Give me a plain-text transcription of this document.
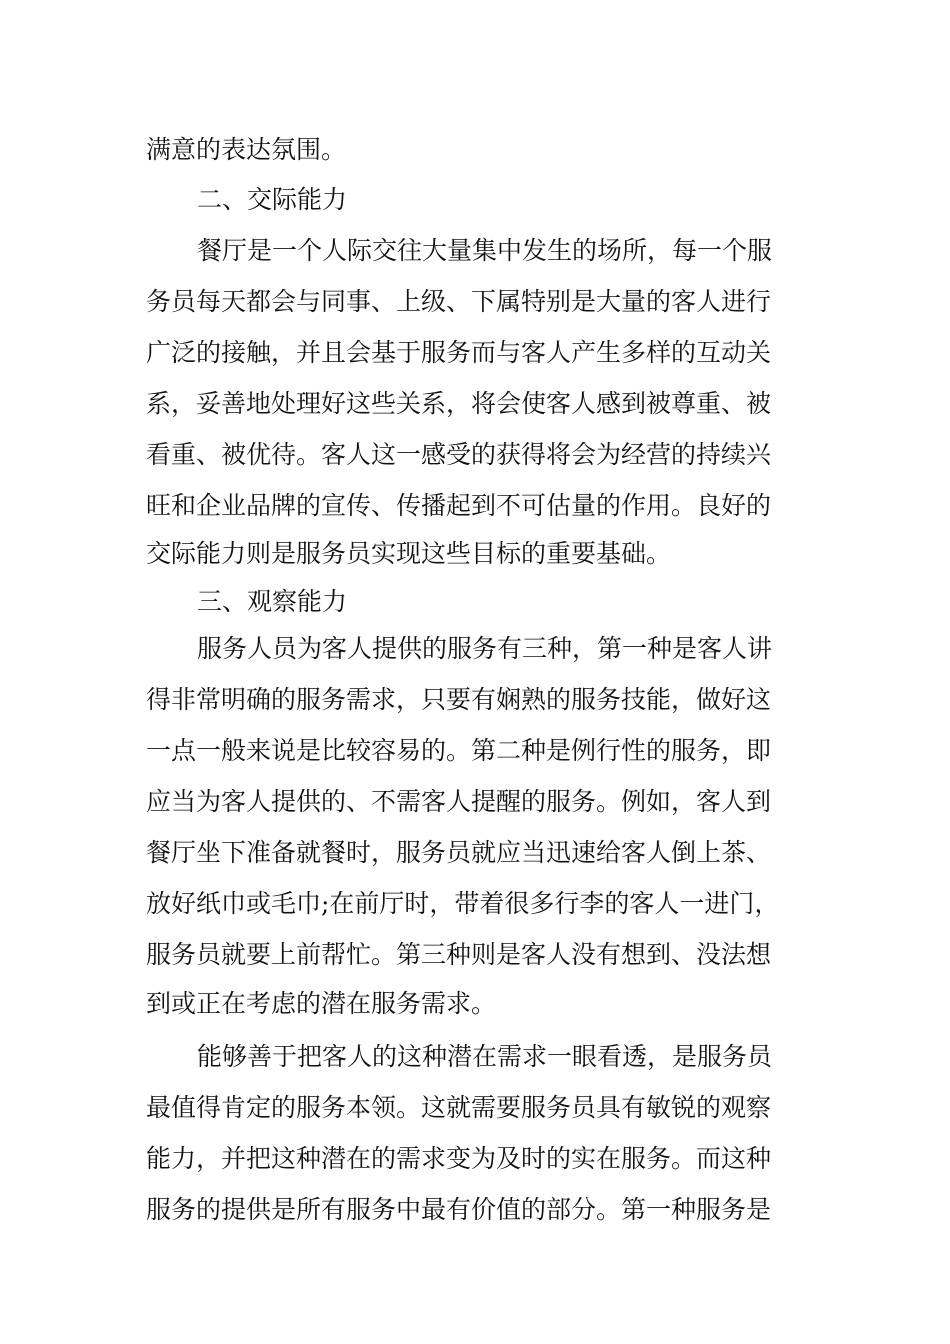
满意的表达氛围。
二、交际能力
餐厅是一个人际交往大量集中发生的场所，每一个服
务员每天都会与同事、上级、下属特别是大量的客人进行
广泛的接触，并且会基于服务而与客人产生多样的互动关
系，妥善地处理好这些关系，将会使客人感到被尊重、被
看重、被优待。客人这一感受的获得将会为经营的持续兴
旺和企业品牌的宣传、传播起到不可估量的作用。良好的
交际能力则是服务员实现这些目标的重要基础。
三、观察能力
服务人员为客人提供的服务有三种，第一种是客人讲
得非常明确的服务需求，只要有娴熟的服务技能，做好这
一点一般来说是比较容易的。第二种是例行性的服务，即
应当为客人提供的、不需客人提醒的服务。例如，客人到
餐厅坐下准备就餐时，服务员就应当迅速给客人倒上茶、
放好纸巾或毛巾;在前厅时，带着很多行李的客人一进门，
服务员就要上前帮忙。第三种则是客人没有想到、没法想
到或正在考虑的潜在服务需求。
能够善于把客人的这种潜在需求一眼看透，是服务员
最值得肯定的服务本领。这就需要服务员具有敏锐的观察
能力，并把这种潜在的需求变为及时的实在服务。而这种
服务的提供是所有服务中最有价值的部分。第一种服务是
